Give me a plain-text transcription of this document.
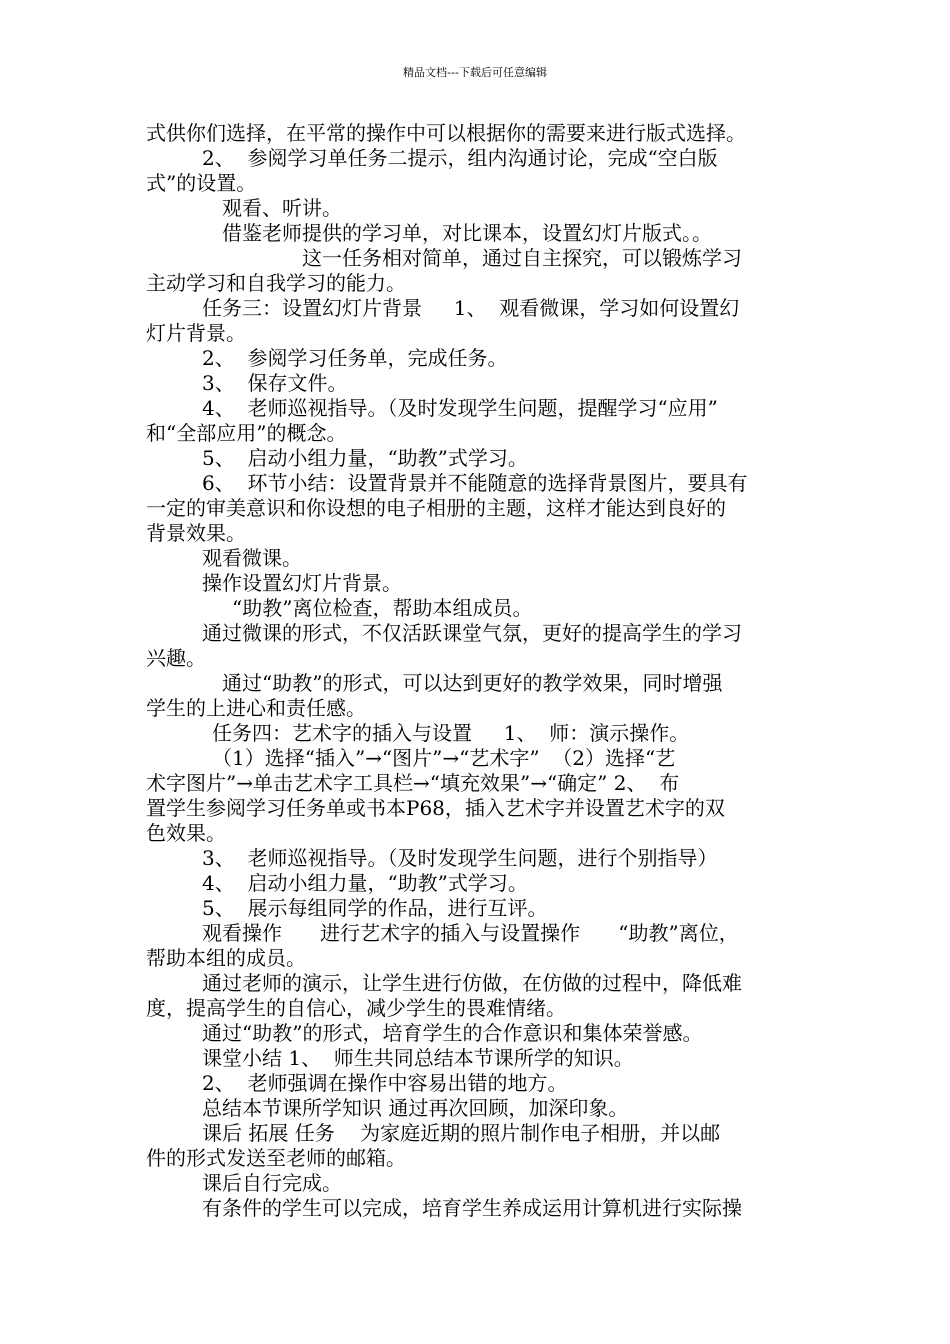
精品文档---下载后可任意编辑
式供你们选择，在平常的操作中可以根据你的需要来进行版式选择。
2、  参阅学习单任务二提示，组内沟通讨论，完成“空白版
式”的设置。
观看、听讲。
借鉴老师提供的学习单，对比课本，设置幻灯片版式。。
这一任务相对简单，通过自主探究，可以锻炼学习
主动学习和自我学习的能力。
任务三：设置幻灯片背景     1、  观看微课，学习如何设置幻
灯片背景。
2、  参阅学习任务单，完成任务。
3、  保存文件。
4、  老师巡视指导。（及时发现学生问题，提醒学习“应用”
和“全部应用”的概念。
5、  启动小组力量，“助教”式学习。
6、  环节小结：设置背景并不能随意的选择背景图片，要具有
一定的审美意识和你设想的电子相册的主题，这样才能达到良好的
背景效果。
观看微课。
操作设置幻灯片背景。
“助教”离位检查，帮助本组成员。
通过微课的形式，不仅活跃课堂气氛，更好的提高学生的学习
兴趣。
通过“助教”的形式，可以达到更好的教学效果，同时增强
学生的上进心和责任感。
任务四：艺术字的插入与设置     1、  师：演示操作。
（1）选择“插入”→“图片”→“艺术字”  （2）选择“艺
术字图片”→单击艺术字工具栏→“填充效果”→“确定” 2、  布
置学生参阅学习任务单或书本P68，插入艺术字并设置艺术字的双
色效果。
3、  老师巡视指导。（及时发现学生问题，进行个别指导）
4、  启动小组力量，“助教”式学习。
5、  展示每组同学的作品，进行互评。
观看操作      进行艺术字的插入与设置操作      “助教”离位，
帮助本组的成员。
通过老师的演示，让学生进行仿做，在仿做的过程中，降低难
度，提高学生的自信心，减少学生的畏难情绪。
通过“助教”的形式，培育学生的合作意识和集体荣誉感。
课堂小结 1、  师生共同总结本节课所学的知识。
2、  老师强调在操作中容易出错的地方。
总结本节课所学知识 通过再次回顾，加深印象。
课后 拓展 任务    为家庭近期的照片制作电子相册，并以邮
件的形式发送至老师的邮箱。
课后自行完成。
有条件的学生可以完成，培育学生养成运用计算机进行实际操
